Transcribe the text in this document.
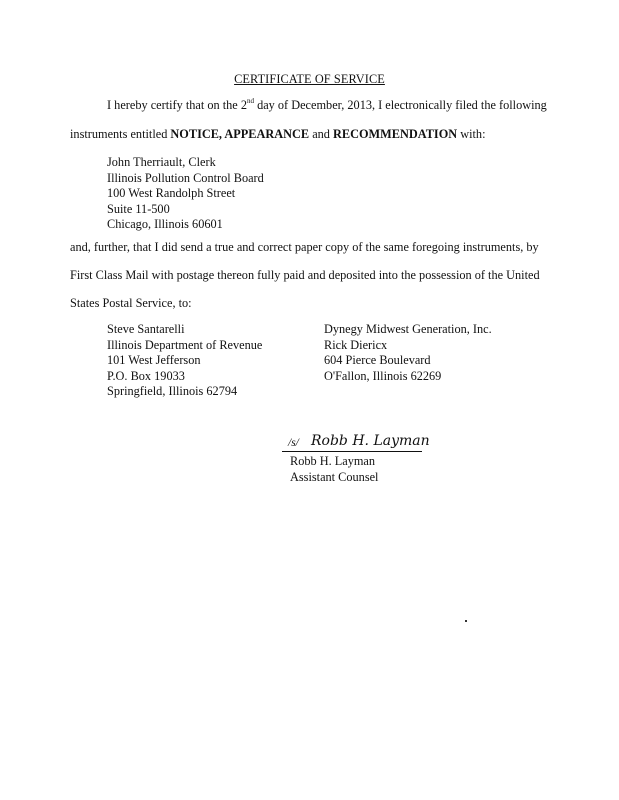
CERTIFICATE OF SERVICE
I hereby certify that on the 2nd day of December, 2013, I electronically filed the following
instruments entitled NOTICE, APPEARANCE and RECOMMENDATION with:
John Therriault, Clerk
Illinois Pollution Control Board
100 West Randolph Street
Suite 11-500
Chicago, Illinois 60601
and, further, that I did send a true and correct paper copy of the same foregoing instruments, by
First Class Mail with postage thereon fully paid and deposited into the possession of the United
States Postal Service, to:
Steve Santarelli
Illinois Department of Revenue
101 West Jefferson
P.O. Box 19033
Springfield, Illinois 62794
Dynegy Midwest Generation, Inc.
Rick Diericx
604 Pierce Boulevard
O'Fallon, Illinois 62269
/s/ Robb H. Layman
Robb H. Layman
Assistant Counsel
